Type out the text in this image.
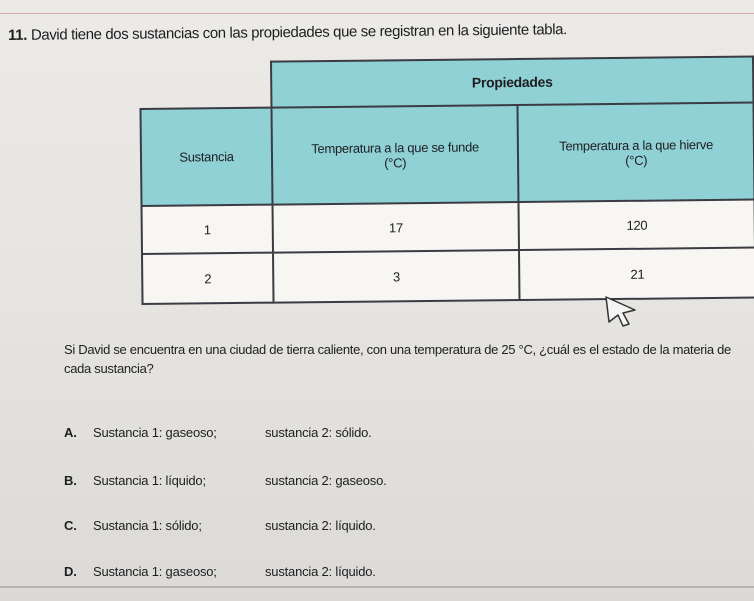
11. David tiene dos sustancias con las propiedades que se registran en la siguiente tabla.
	Propiedades	
Sustancia	Temperatura a la que se funde (°C)	Temperatura a la que hierve (°C)
1	17	120
2	3	21
Si David se encuentra en una ciudad de tierra caliente, con una temperatura de 25 °C, ¿cuál es el estado de la materia de cada sustancia?
A. Sustancia 1: gaseoso;	sustancia 2: sólido.
B. Sustancia 1: líquido;	sustancia 2: gaseoso.
C. Sustancia 1: sólido;	sustancia 2: líquido.
D. Sustancia 1: gaseoso;	sustancia 2: líquido.
